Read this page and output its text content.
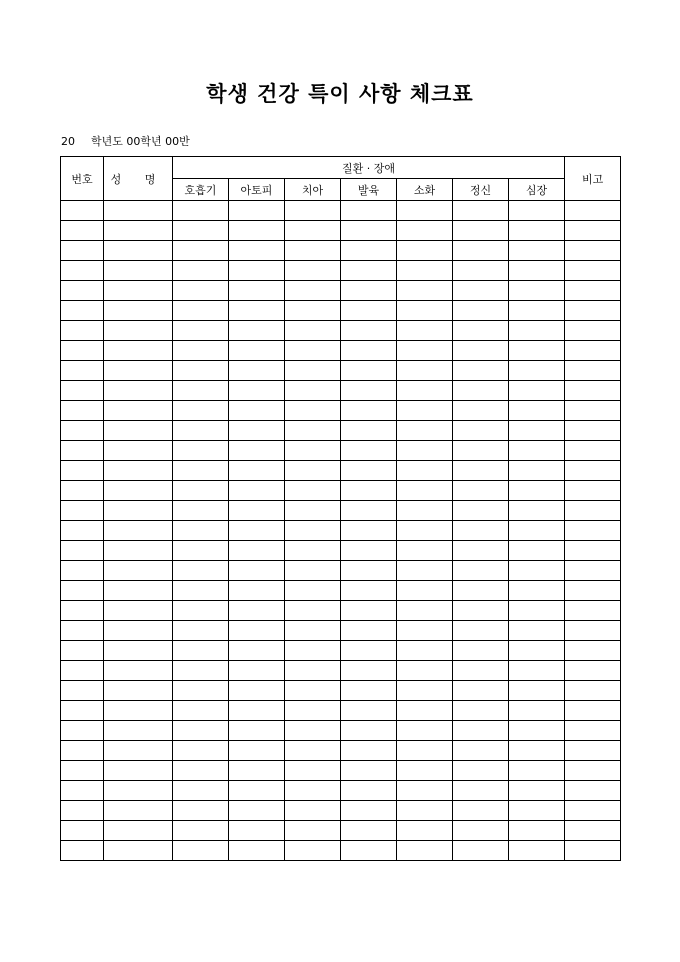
학생 건강 특이 사항 체크표
20 학년도 00학년 00반
번호	성 명	질환 · 장애							비고
		호흡기	아토피	치아	발육	소화	정신	심장	
